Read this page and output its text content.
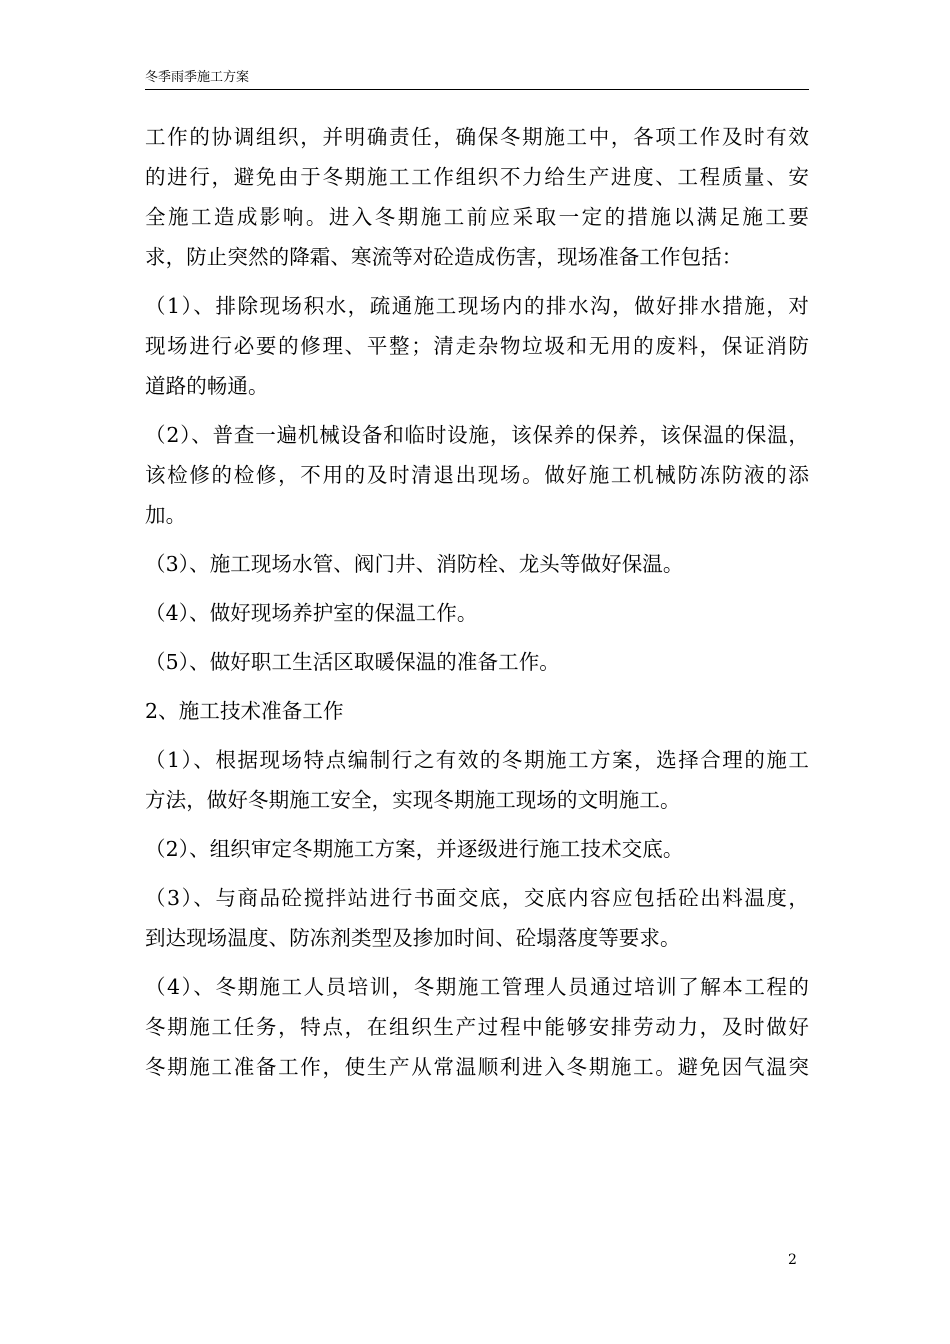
冬季雨季施工方案
工作的协调组织，并明确责任，确保冬期施工中，各项工作及时有效
的进行，避免由于冬期施工工作组织不力给生产进度、工程质量、安
全施工造成影响。进入冬期施工前应采取一定的措施以满足施工要
求，防止突然的降霜、寒流等对砼造成伤害，现场准备工作包括：
（1）、排除现场积水，疏通施工现场内的排水沟，做好排水措施，对
现场进行必要的修理、平整；清走杂物垃圾和无用的废料，保证消防
道路的畅通。
（2）、普查一遍机械设备和临时设施，该保养的保养，该保温的保温，
该检修的检修，不用的及时清退出现场。做好施工机械防冻防液的添
加。
（3）、施工现场水管、阀门井、消防栓、龙头等做好保温。
（4）、做好现场养护室的保温工作。
（5）、做好职工生活区取暖保温的准备工作。
2、施工技术准备工作
（1）、根据现场特点编制行之有效的冬期施工方案，选择合理的施工
方法，做好冬期施工安全，实现冬期施工现场的文明施工。
（2）、组织审定冬期施工方案，并逐级进行施工技术交底。
（3）、与商品砼搅拌站进行书面交底，交底内容应包括砼出料温度，
到达现场温度、防冻剂类型及掺加时间、砼塌落度等要求。
（4）、冬期施工人员培训，冬期施工管理人员通过培训了解本工程的
冬期施工任务，特点，在组织生产过程中能够安排劳动力，及时做好
冬期施工准备工作，使生产从常温顺利进入冬期施工。避免因气温突
2
